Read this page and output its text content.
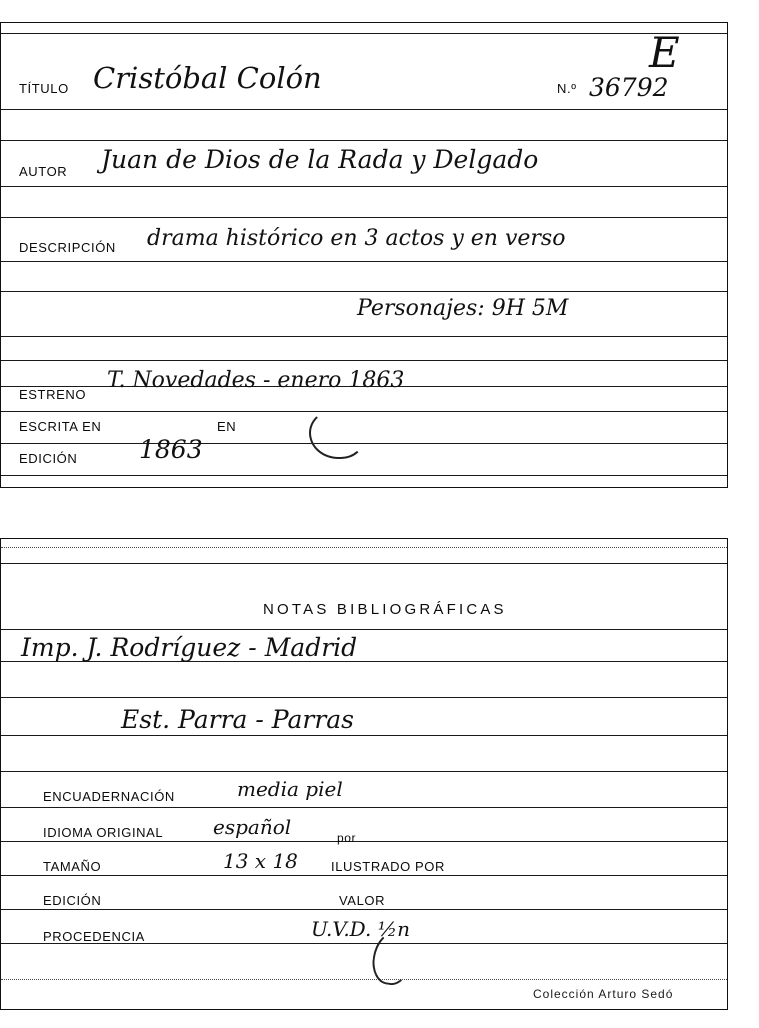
E
TÍTULO Cristóbal Colón	N.º 36792
AUTOR Juan de Dios de la Rada y Delgado
DESCRIPCIÓN drama histórico en 3 actos y en verso
Personajes: 9H 5M
ESTRENO
T. Novedades - enero 1863
ESCRITA EN	EN
EDICIÓN 1863
NOTAS BIBLIOGRÁFICAS
Imp. J. Rodríguez - Madrid
Est. Parra - Parras
ENCUADERNACIÓN	media piel
IDIOMA ORIGINAL español	por
TAMAÑO	13 x 18	ILUSTRADO POR
EDICIÓN	VALOR
PROCEDENCIA	U.V.D. ½n
Colección Arturo Sedó
